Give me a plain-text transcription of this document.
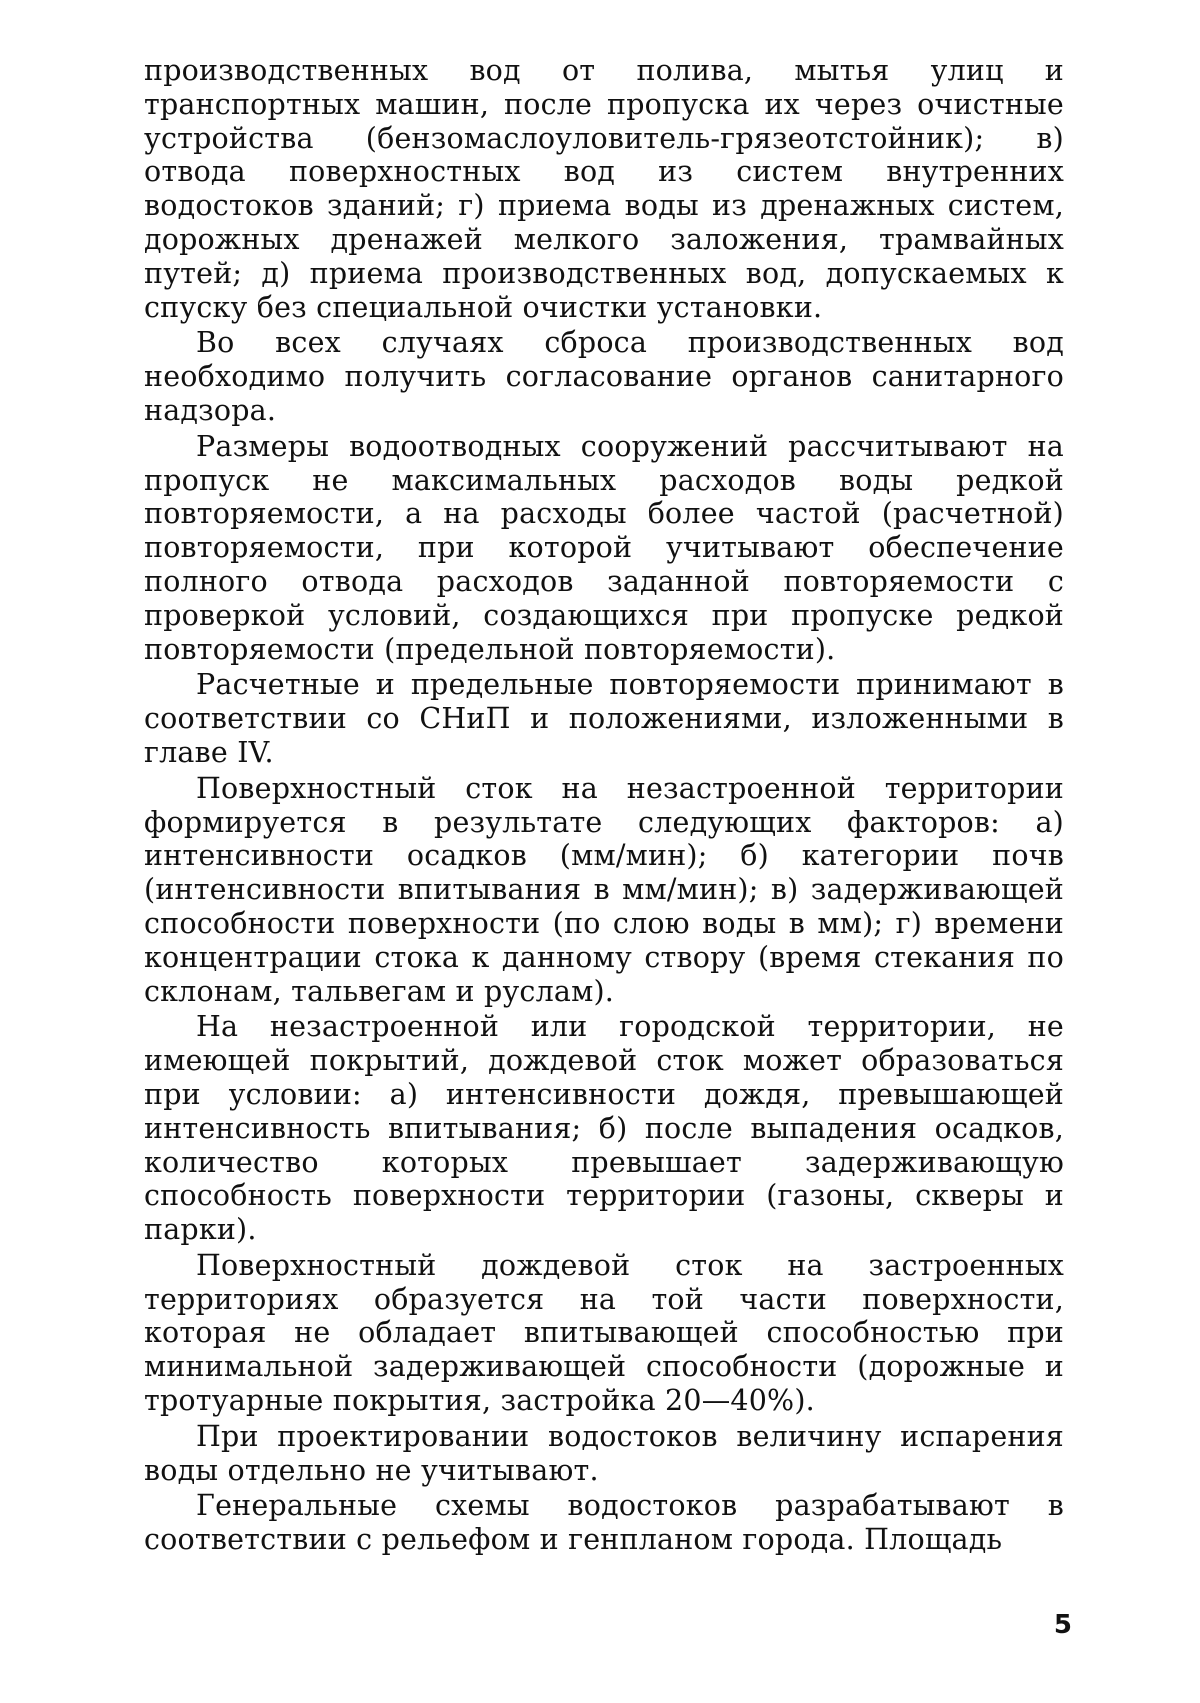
производственных вод от полива, мытья улиц и транспортных машин, после пропуска их через очистные устройства (бензомаслоуловитель-грязеотстойник); в) отвода поверхностных вод из систем внутренних водостоков зданий; г) приема воды из дренажных систем, дорожных дренажей мелкого заложения, трамвайных путей; д) приема производственных вод, допускаемых к спуску без специальной очистки установки.

Во всех случаях сброса производственных вод необходимо получить согласование органов санитарного надзора.

Размеры водоотводных сооружений рассчитывают на пропуск не максимальных расходов воды редкой повторяемости, а на расходы более частой (расчетной) повторяемости, при которой учитывают обеспечение полного отвода расходов заданной повторяемости с проверкой условий, создающихся при пропуске редкой повторяемости (предельной повторяемости).

Расчетные и предельные повторяемости принимают в соответствии со СНиП и положениями, изложенными в главе IV.

Поверхностный сток на незастроенной территории формируется в результате следующих факторов: а) интенсивности осадков (мм/мин); б) категории почв (интенсивности впитывания в мм/мин); в) задерживающей способности поверхности (по слою воды в мм); г) времени концентрации стока к данному створу (время стекания по склонам, тальвегам и руслам).

На незастроенной или городской территории, не имеющей покрытий, дождевой сток может образоваться при условии: а) интенсивности дождя, превышающей интенсивность впитывания; б) после выпадения осадков, количество которых превышает задерживающую способность поверхности территории (газоны, скверы и парки).

Поверхностный дождевой сток на застроенных территориях образуется на той части поверхности, которая не обладает впитывающей способностью при минимальной задерживающей способности (дорожные и тротуарные покрытия, застройка 20—40%).

При проектировании водостоков величину испарения воды отдельно не учитывают.

Генеральные схемы водостоков разрабатывают в соответствии с рельефом и генпланом города. Площадь

5
